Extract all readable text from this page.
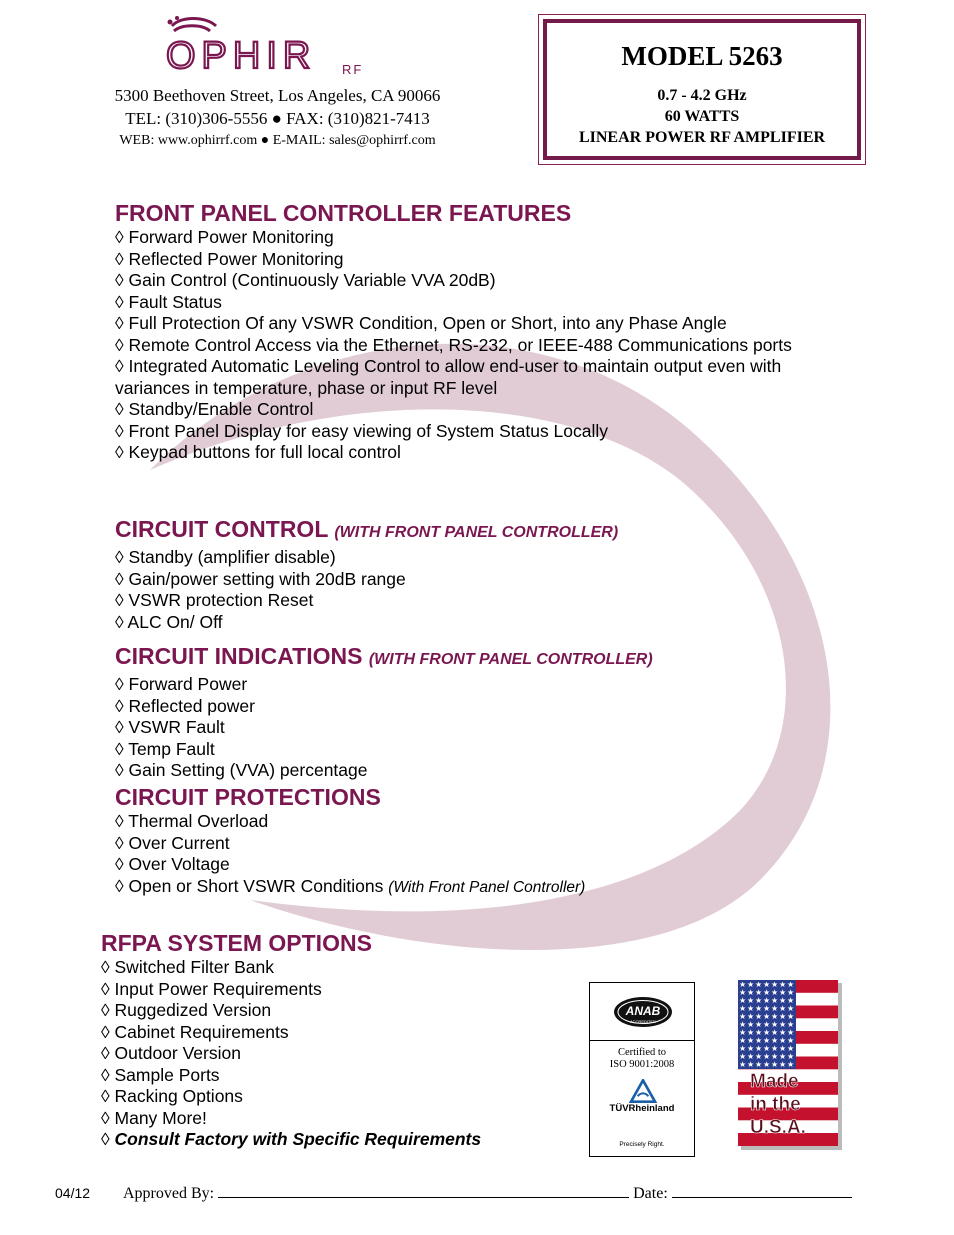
OPHIR RF
5300 Beethoven Street, Los Angeles, CA 90066
TEL: (310)306-5556 ● FAX: (310)821-7413
WEB: www.ophirrf.com ● E-MAIL: sales@ophirrf.com
MODEL 5263
0.7 - 4.2 GHz
60 WATTS
LINEAR POWER RF AMPLIFIER
FRONT PANEL CONTROLLER FEATURES
◊ Forward Power Monitoring
◊ Reflected Power Monitoring
◊ Gain Control (Continuously Variable VVA 20dB)
◊ Fault Status
◊ Full Protection Of any VSWR Condition, Open or Short, into any Phase Angle
◊ Remote Control Access via the Ethernet, RS-232, or IEEE-488 Communications ports
◊ Integrated Automatic Leveling Control to allow end-user to maintain output even with variances in temperature, phase or input RF level
◊ Standby/Enable Control
◊ Front Panel Display for easy viewing of System Status Locally
◊ Keypad buttons for full local control
CIRCUIT CONTROL (WITH FRONT PANEL CONTROLLER)
◊ Standby (amplifier disable)
◊ Gain/power setting with 20dB range
◊ VSWR protection Reset
◊ ALC On/ Off
CIRCUIT INDICATIONS (WITH FRONT PANEL CONTROLLER)
◊ Forward Power
◊ Reflected power
◊ VSWR Fault
◊ Temp Fault
◊ Gain Setting (VVA) percentage
CIRCUIT PROTECTIONS
◊ Thermal Overload
◊ Over Current
◊ Over Voltage
◊ Open or Short VSWR Conditions (With Front Panel Controller)
RFPA SYSTEM OPTIONS
◊ Switched Filter Bank
◊ Input Power Requirements
◊ Ruggedized Version
◊ Cabinet Requirements
◊ Outdoor Version
◊ Sample Ports
◊ Racking Options
◊ Many More!
◊ Consult Factory with Specific Requirements
ANAB
ACCREDITED
Certified to
ISO 9001:2008
TÜVRheinland
Precisely Right.
Made
in the
U.S.A.
04/12 Approved By:	Date:
